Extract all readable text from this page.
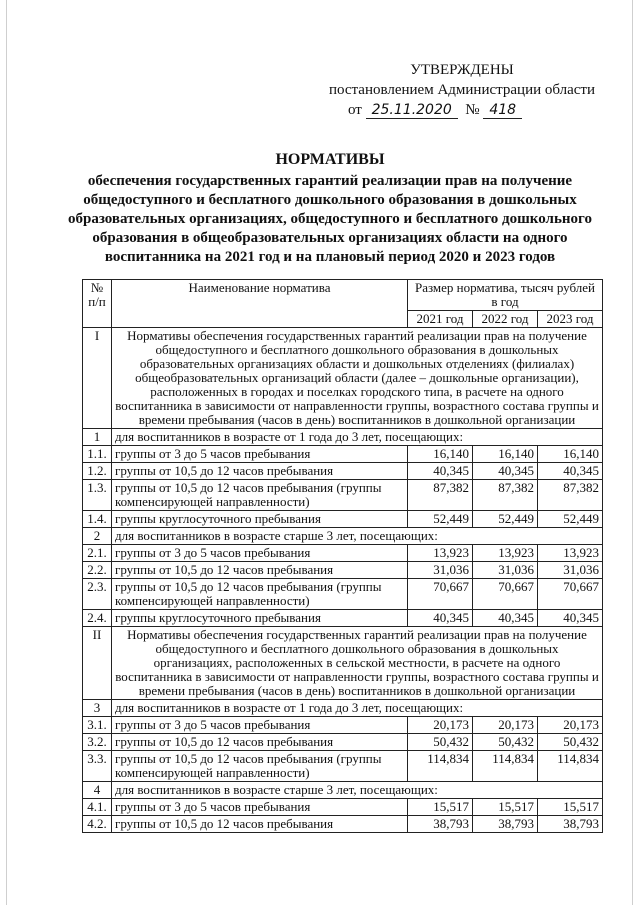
УТВЕРЖДЕНЫ
постановлением Администрации области
от 25.11.2020 № 418
НОРМАТИВЫ
обеспечения государственных гарантий реализации прав на получение общедоступного и бесплатного дошкольного образования в дошкольных образовательных организациях, общедоступного и бесплатного дошкольного образования в общеобразовательных организациях области на одного воспитанника на 2021 год и на плановый период 2020 и 2023 годов
№ п/п	Наименование норматива	Размер норматива, тысяч рублей в год		
		2021 год	2022 год	2023 год
I	Нормативы обеспечения государственных гарантий реализации прав на получение общедоступного и бесплатного дошкольного образования в дошкольных образовательных организациях области и дошкольных отделениях (филиалах) общеобразовательных организаций области (далее – дошкольные организации), расположенных в городах и поселках городского типа, в расчете на одного воспитанника в зависимости от направленности группы, возрастного состава группы и времени пребывания (часов в день) воспитанников в дошкольной организации			
1	для воспитанников в возрасте от 1 года до 3 лет, посещающих:			
1.1.	группы от 3 до 5 часов пребывания	16,140	16,140	16,140
1.2.	группы от 10,5 до 12 часов пребывания	40,345	40,345	40,345
1.3.	группы от 10,5 до 12 часов пребывания (группы компенсирующей направленности)	87,382	87,382	87,382
1.4.	группы круглосуточного пребывания	52,449	52,449	52,449
2	для воспитанников в возрасте старше 3 лет, посещающих:			
2.1.	группы от 3 до 5 часов пребывания	13,923	13,923	13,923
2.2.	группы от 10,5 до 12 часов пребывания	31,036	31,036	31,036
2.3.	группы от 10,5 до 12 часов пребывания (группы компенсирующей направленности)	70,667	70,667	70,667
2.4.	группы круглосуточного пребывания	40,345	40,345	40,345
II	Нормативы обеспечения государственных гарантий реализации прав на получение общедоступного и бесплатного дошкольного образования в дошкольных организациях, расположенных в сельской местности, в расчете на одного воспитанника в зависимости от направленности группы, возрастного состава группы и времени пребывания (часов в день) воспитанников в дошкольной организации			
3	для воспитанников в возрасте от 1 года до 3 лет, посещающих:			
3.1.	группы от 3 до 5 часов пребывания	20,173	20,173	20,173
3.2.	группы от 10,5 до 12 часов пребывания	50,432	50,432	50,432
3.3.	группы от 10,5 до 12 часов пребывания (группы компенсирующей направленности)	114,834	114,834	114,834
4	для воспитанников в возрасте старше 3 лет, посещающих:			
4.1.	группы от 3 до 5 часов пребывания	15,517	15,517	15,517
4.2.	группы от 10,5 до 12 часов пребывания	38,793	38,793	38,793
